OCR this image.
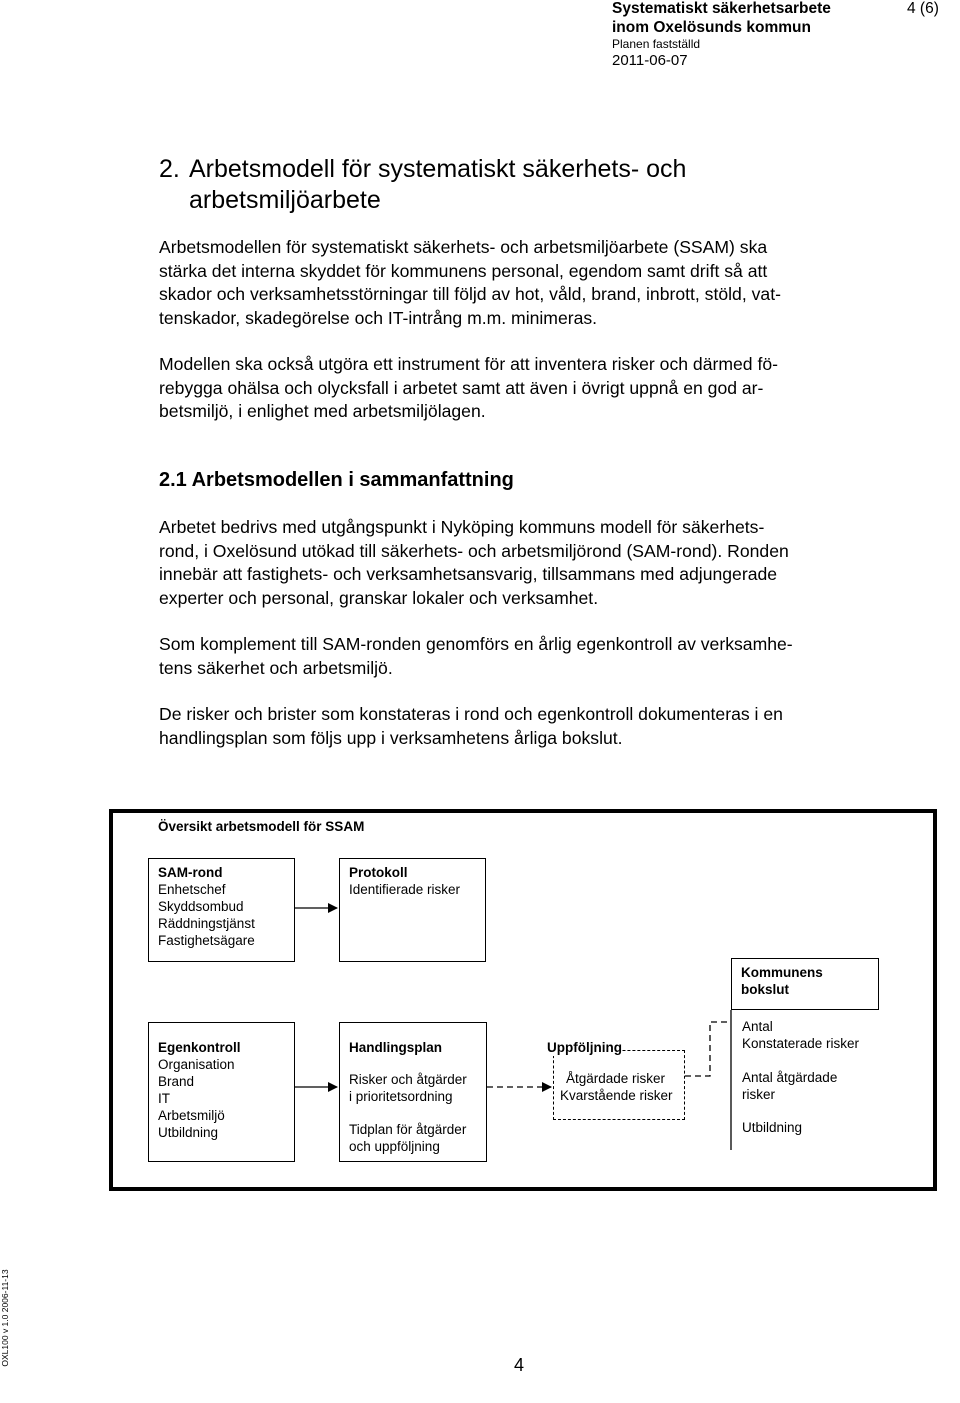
Systematiskt säkerhetsarbete
inom Oxelösunds kommun
Planen fastställd
2011-06-07
4 (6)
2. Arbetsmodell för systematiskt säkerhets- och
arbetsmiljöarbete
Arbetsmodellen för systematiskt säkerhets- och arbetsmiljöarbete (SSAM) ska
stärka det interna skyddet för kommunens personal, egendom samt drift så att
skador och verksamhetsstörningar till följd av hot, våld, brand, inbrott, stöld, vat-
tenskador, skadegörelse och IT-intrång m.m. minimeras.
Modellen ska också utgöra ett instrument för att inventera risker och därmed fö-
rebygga ohälsa och olycksfall i arbetet samt att även i övrigt uppnå en god ar-
betsmiljö, i enlighet med arbetsmiljölagen.
2.1 Arbetsmodellen i sammanfattning
Arbetet bedrivs med utgångspunkt i Nyköping kommuns modell för säkerhets-
rond, i Oxelösund utökad till säkerhets- och arbetsmiljörond (SAM-rond). Ronden
innebär att fastighets- och verksamhetsansvarig, tillsammans med adjungerade
experter och personal, granskar lokaler och verksamhet.
Som komplement till SAM-ronden genomförs en årlig egenkontroll av verksamhe-
tens säkerhet och arbetsmiljö.
De risker och brister som konstateras i rond och egenkontroll dokumenteras i en
handlingsplan som följs upp i verksamhetens årliga bokslut.
Översikt arbetsmodell för SSAM
SAM-rond
Enhetschef
Skyddsombud
Räddningstjänst
Fastighetsägare
Protokoll
Identifierade risker
Kommunens
bokslut
Antal
Konstaterade risker
Antal åtgärdade
risker
Utbildning
Egenkontroll
Organisation
Brand
IT
Arbetsmiljö
Utbildning
Handlingsplan
Risker och åtgärder
i prioritetsordning
Tidplan för åtgärder
och uppföljning
Åtgärdade risker
Kvarstående risker
Uppföljning
OXL100 v 1.0 2006-11-13	4
